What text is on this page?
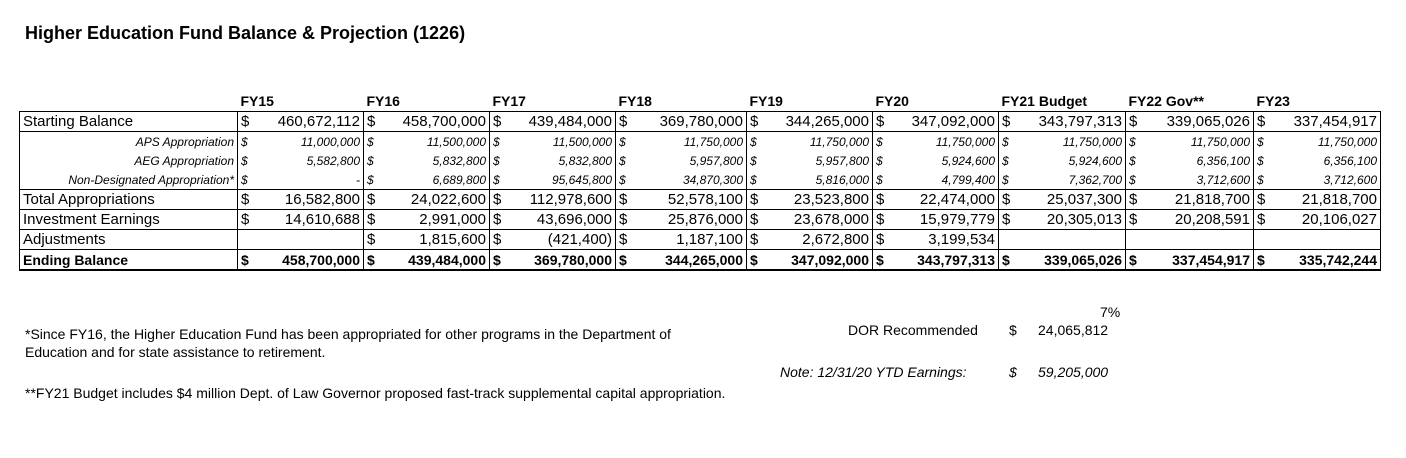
Higher Education Fund Balance & Projection (1226)
	FY15	FY16	FY17	FY18	FY19	FY20	FY21 Budget	FY22 Gov**	FY23
Starting Balance	$ 460,672,112	$ 458,700,000	$ 439,484,000	$ 369,780,000	$ 344,265,000	$ 347,092,000	$ 343,797,313	$ 339,065,026	$ 337,454,917

APS Appropriation	$ 11,000,000	$ 11,500,000	$ 11,500,000	$ 11,750,000	$ 11,750,000	$ 11,750,000	$ 11,750,000	$ 11,750,000	$ 11,750,000

AEG Appropriation	$ 5,582,800	$ 5,832,800	$ 5,832,800	$ 5,957,800	$ 5,957,800	$ 5,924,600	$ 5,924,600	$ 6,356,100	$ 6,356,100

Non-Designated Appropriation*	$ -	$ 6,689,800	$ 95,645,800	$ 34,870,300	$ 5,816,000	$ 4,799,400	$ 7,362,700	$ 3,712,600	$ 3,712,600

Total Appropriations	$ 16,582,800	$ 24,022,600	$ 112,978,600	$ 52,578,100	$ 23,523,800	$ 22,474,000	$ 25,037,300	$ 21,818,700	$ 21,818,700

Investment Earnings	$ 14,610,688	$ 2,991,000	$ 43,696,000	$ 25,876,000	$ 23,678,000	$ 15,979,779	$ 20,305,013	$ 20,208,591	$ 20,106,027

Adjustments		$ 1,815,600	$ (421,400)	$ 1,187,100	$ 2,672,800	$ 3,199,534			

Ending Balance	$ 458,700,000	$ 439,484,000	$ 369,780,000	$ 344,265,000	$ 347,092,000	$ 343,797,313	$ 339,065,026	$ 337,454,917	$ 335,742,244
7%
DOR Recommended $ 24,065,812
Note: 12/31/20 YTD Earnings:	$ 59,205,000
*Since FY16, the Higher Education Fund has been appropriated for other programs in the Department of Education and for state assistance to retirement.
**FY21 Budget includes $4 million Dept. of Law Governor proposed fast-track supplemental capital appropriation.
